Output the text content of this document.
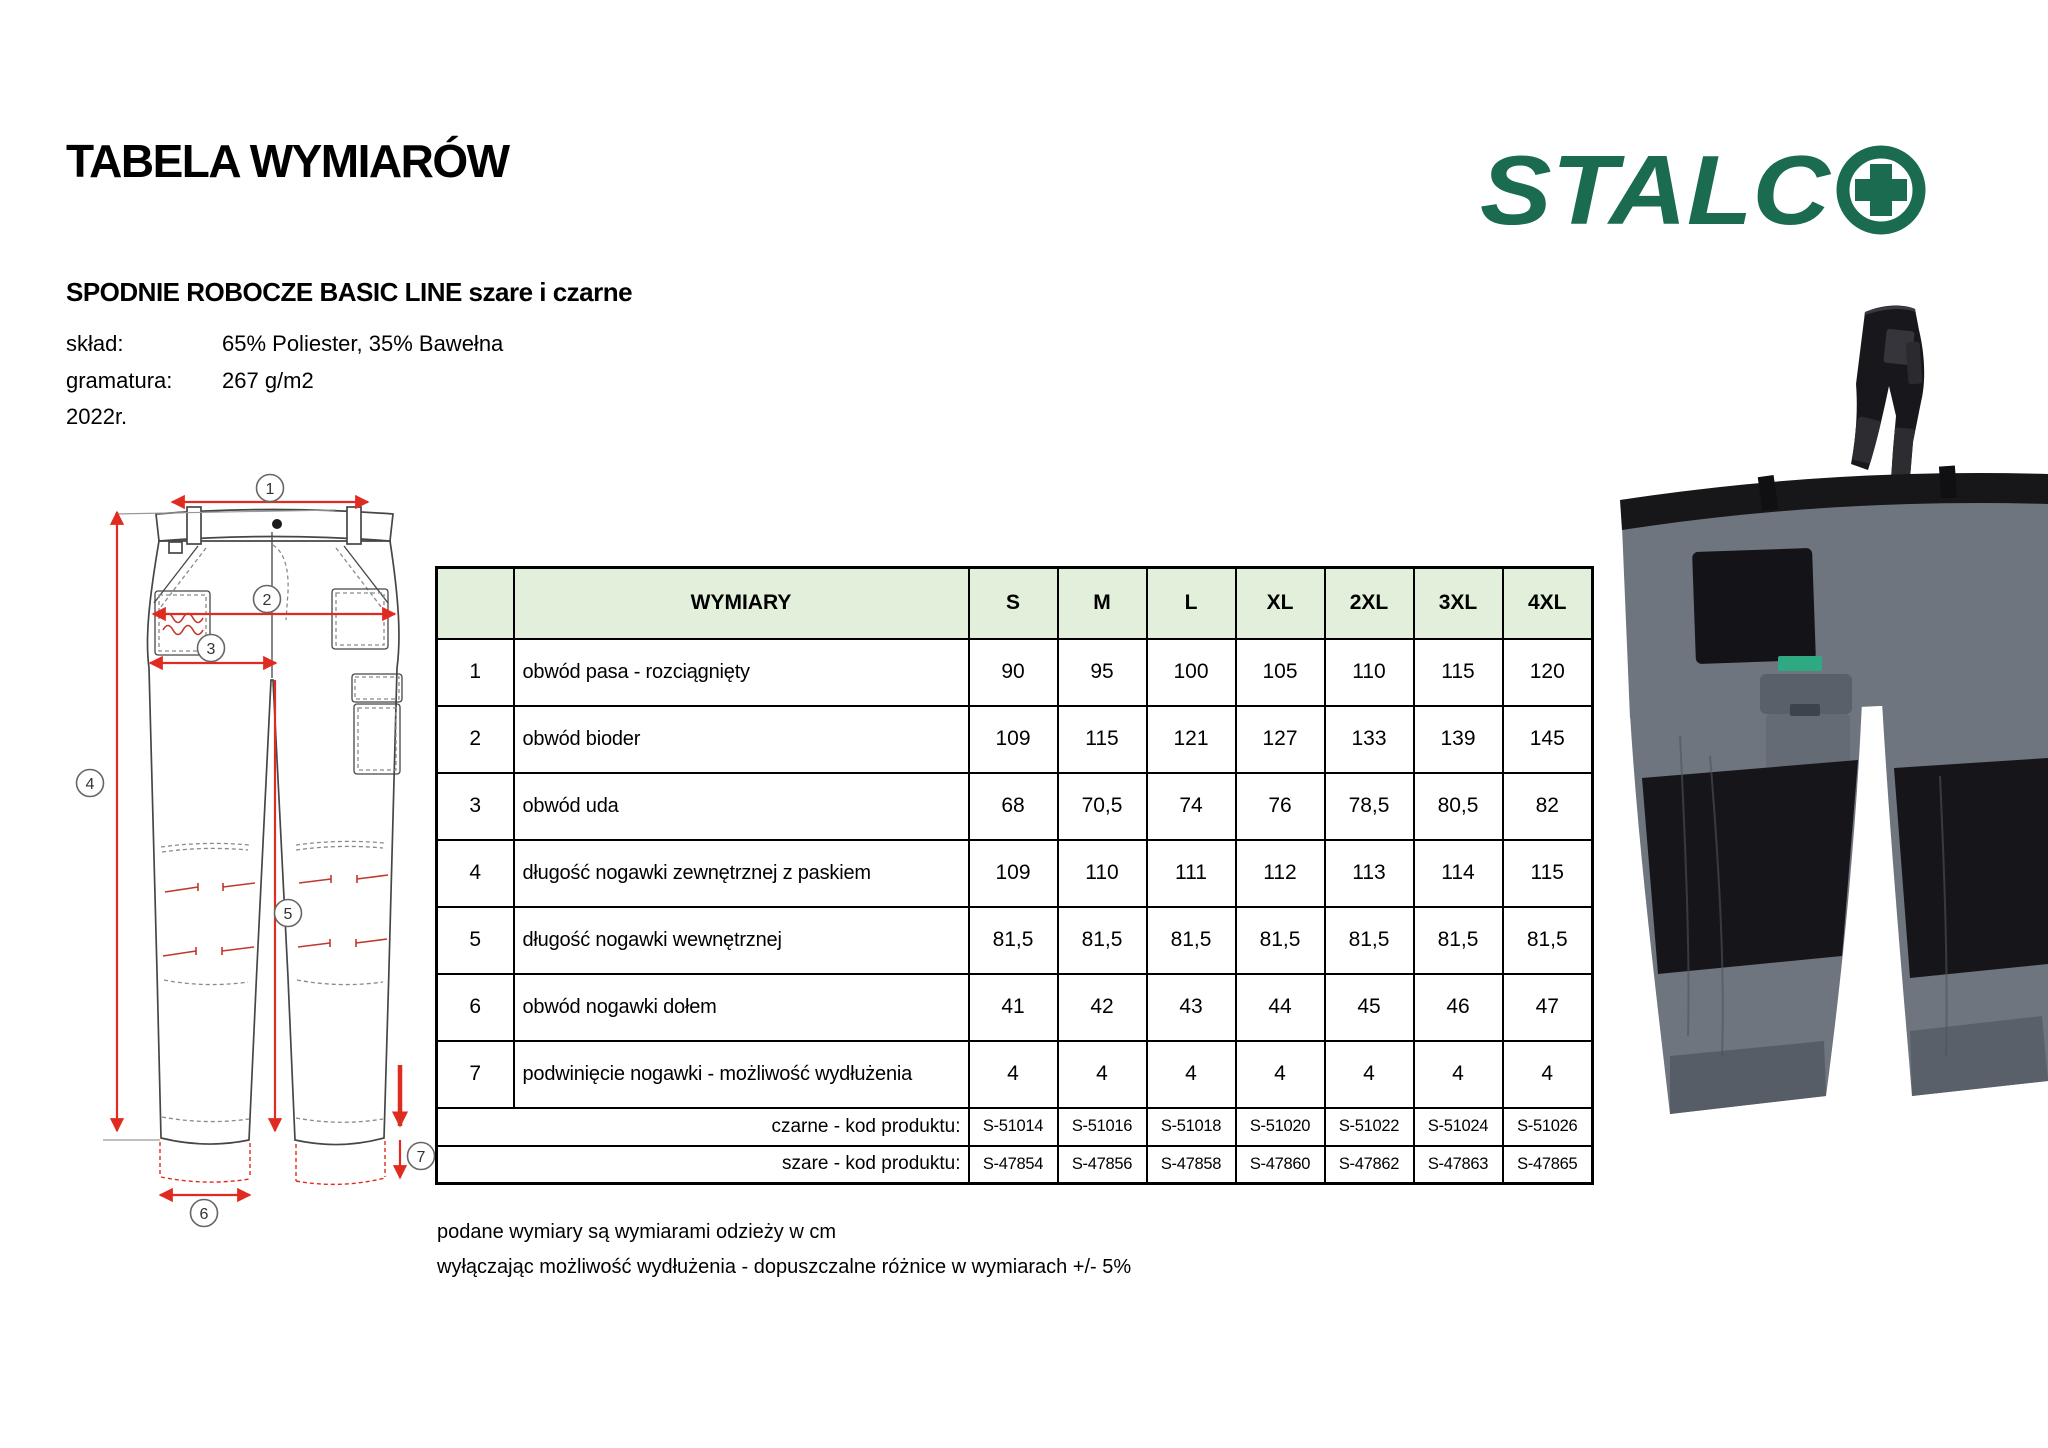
TABELA WYMIARÓW	STALC
SPODNIE ROBOCZE BASIC LINE szare i czarne
skład:	65% Poliester, 35% Bawełna
gramatura: 267 g/m2
2022r.
1
2
3
4
5
6
7
	WYMIARY	S	M	L	XL	2XL	3XL	4XL
1	obwód pasa - rozciągnięty	90	95	100	105	110	115	120
2	obwód bioder	109	115	121	127	133	139	145
3	obwód uda	68	70,5	74	76	78,5	80,5	82
4	długość nogawki zewnętrznej z paskiem	109	110	111	112	113	114	115
5	długość nogawki wewnętrznej	81,5	81,5	81,5	81,5	81,5	81,5	81,5
6	obwód nogawki dołem	41	42	43	44	45	46	47
7	podwinięcie nogawki - możliwość wydłużenia	4	4	4	4	4	4	4
czarne - kod produktu:		S-51014	S-51016	S-51018	S-51020	S-51022	S-51024	S-51026
szare - kod produktu:		S-47854	S-47856	S-47858	S-47860	S-47862	S-47863	S-47865
podane wymiary są wymiarami odzieży w cm
wyłączając możliwość wydłużenia - dopuszczalne różnice w wymiarach +/- 5%
